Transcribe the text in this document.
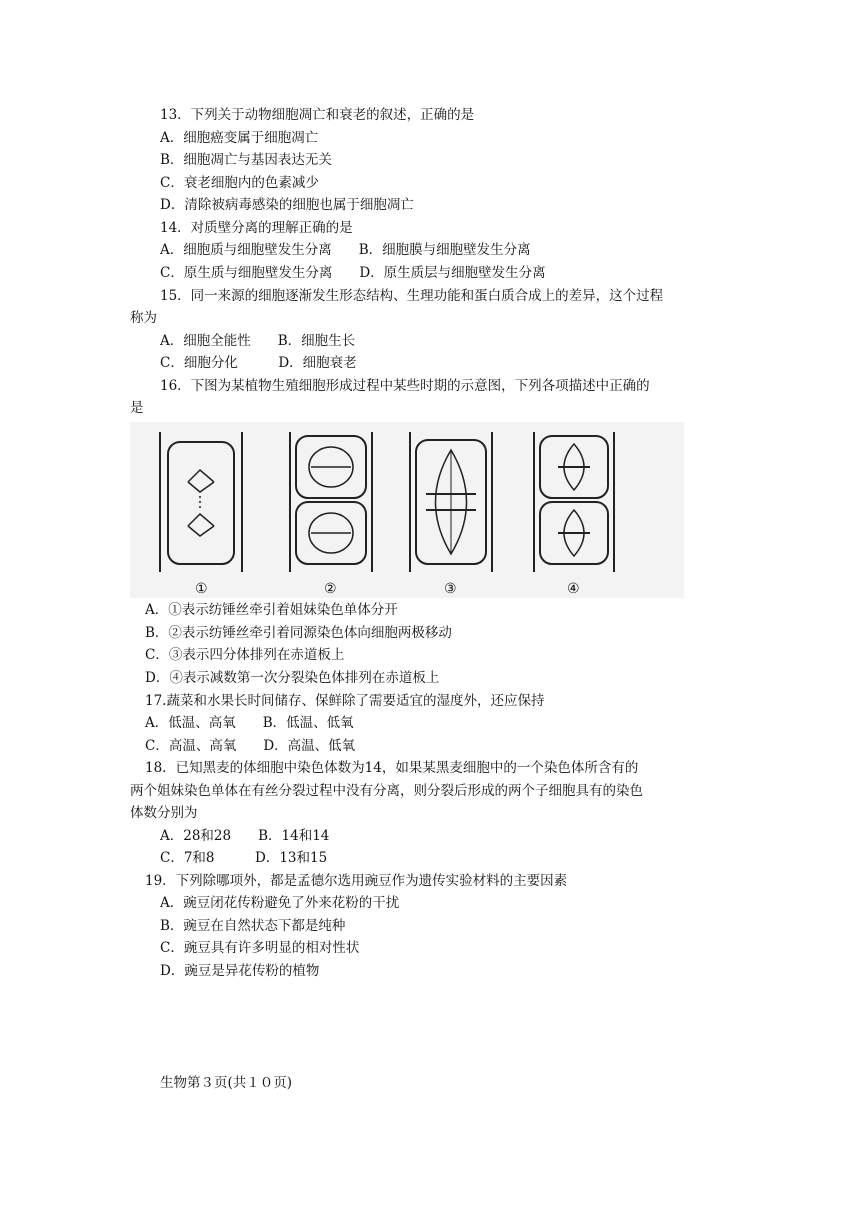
13．下列关于动物细胞凋亡和衰老的叙述，正确的是
A．细胞癌变属于细胞凋亡
B．细胞凋亡与基因表达无关
C．衰老细胞内的色素减少
D．清除被病毒感染的细胞也属于细胞凋亡
14．对质壁分离的理解正确的是
A．细胞质与细胞壁发生分离　　B．细胞膜与细胞壁发生分离
C．原生质与细胞壁发生分离　　D．原生质层与细胞壁发生分离
15．同一来源的细胞逐渐发生形态结构、生理功能和蛋白质合成上的差异，这个过程
称为
A．细胞全能性　　B．细胞生长
C．细胞分化　　　D．细胞衰老
16．下图为某植物生殖细胞形成过程中某些时期的示意图，下列各项描述中正确的
是
①	②	③	④
A．①表示纺锤丝牵引着姐妹染色单体分开
B．②表示纺锤丝牵引着同源染色体向细胞两极移动
C．③表示四分体排列在赤道板上
D．④表示减数第一次分裂染色体排列在赤道板上
17.蔬菜和水果长时间储存、保鲜除了需要适宜的湿度外，还应保持
A．低温、高氧　　B．低温、低氧
C．高温、高氧　　D．高温、低氧
18．已知黑麦的体细胞中染色体数为14，如果某黑麦细胞中的一个染色体所含有的
两个姐妹染色单体在有丝分裂过程中没有分离，则分裂后形成的两个子细胞具有的染色
体数分别为
A．28和28　　B．14和14
C．7和8　　　D．13和15
19．下列除哪项外，都是孟德尔选用豌豆作为遗传实验材料的主要因素
A．豌豆闭花传粉避免了外来花粉的干扰
B．豌豆在自然状态下都是纯种
C．豌豆具有许多明显的相对性状
D．豌豆是异花传粉的植物
生物第３页(共１０页)
